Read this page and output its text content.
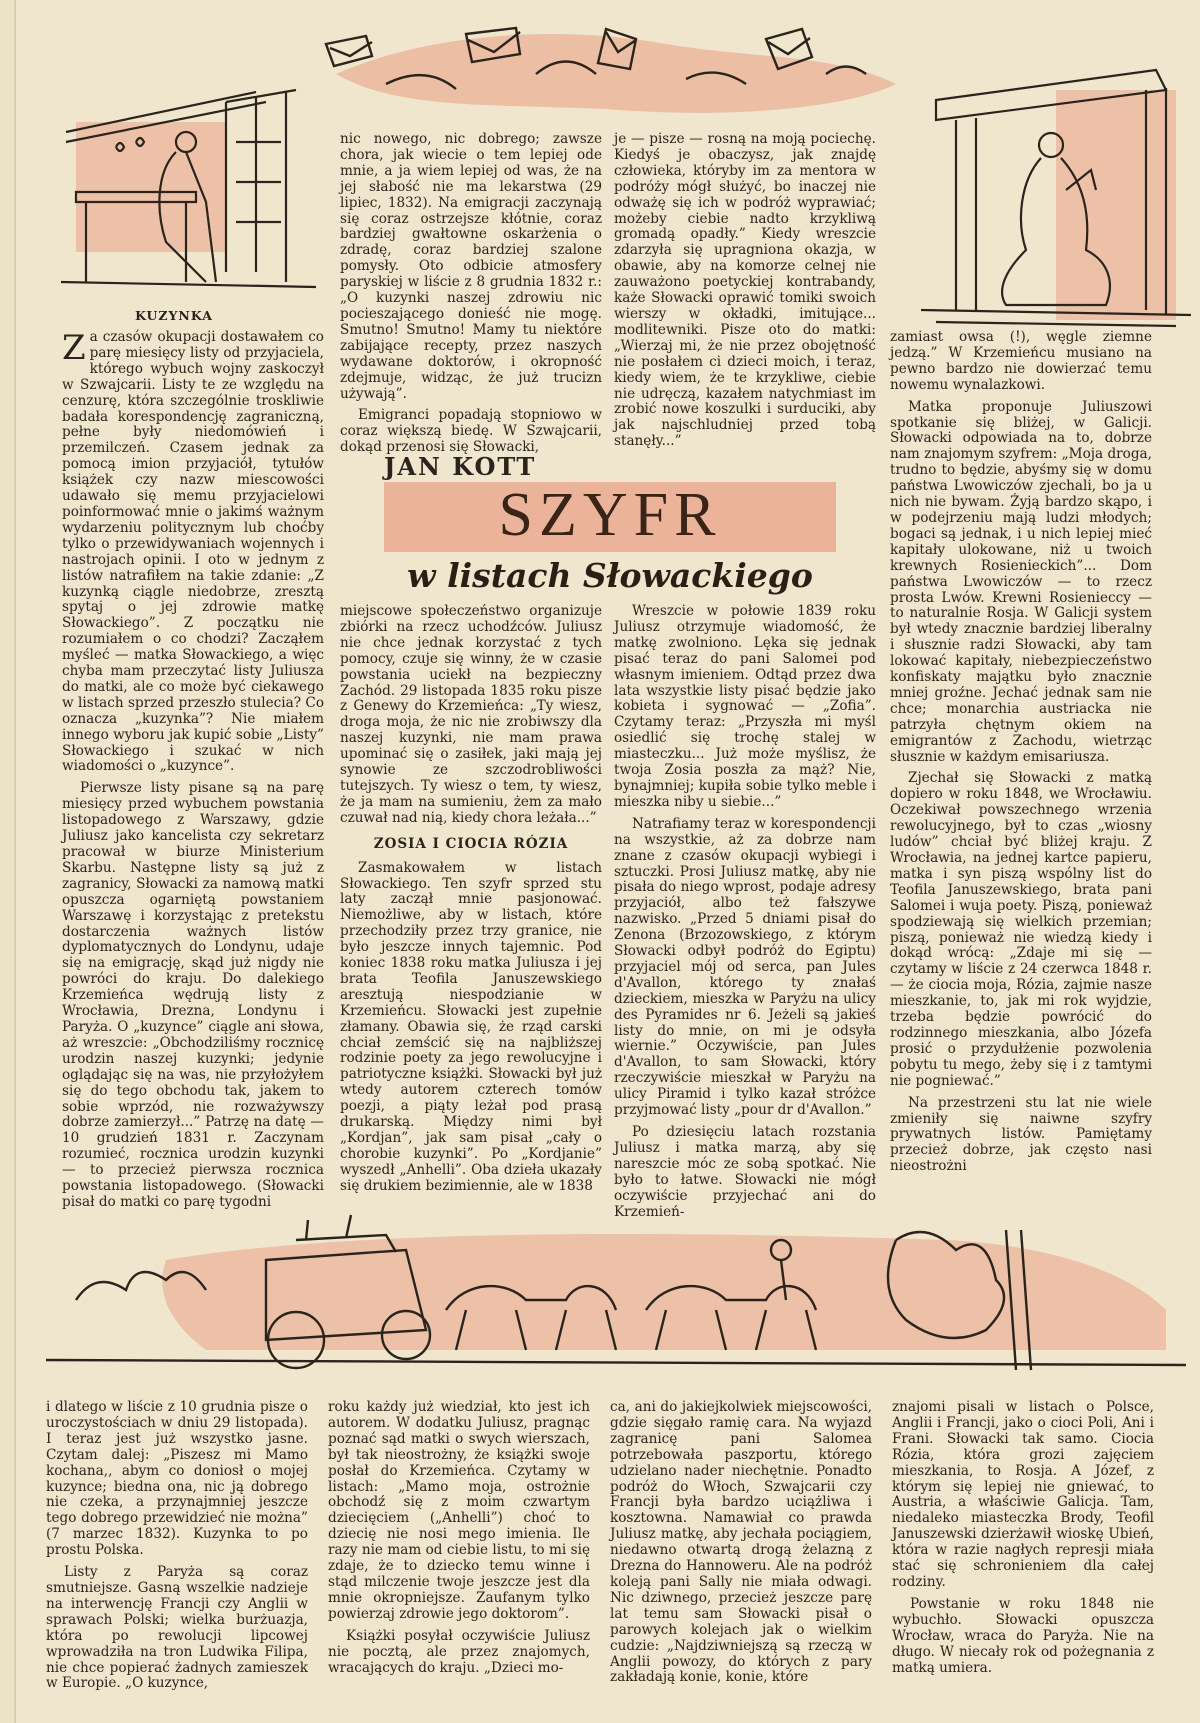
KUZYNKA

Za czasów okupacji dostawałem co parę miesięcy listy od przyjaciela, którego wybuch wojny zaskoczył w Szwajcarii. Listy te ze względu na cenzurę, która szczególnie troskliwie badała korespondencję zagraniczną, pełne były niedomówień i przemilczeń. Czasem jednak za pomocą imion przyjaciół, tytułów książek czy nazw miescowości udawało się memu przyjacielowi poinformować mnie o jakimś ważnym wydarzeniu politycznym lub choćby tylko o przewidywaniach wojennych i nastrojach opinii. I oto w jednym z listów natrafiłem na takie zdanie: „Z kuzynką ciągle niedobrze, zresztą spytaj o jej zdrowie matkę Słowackiego”. Z początku nie rozumiałem o co chodzi? Zacząłem myśleć — matka Słowackiego, a więc chyba mam przeczytać listy Juliusza do matki, ale co może być ciekawego w listach sprzed przeszło stulecia? Co oznacza „kuzynka”? Nie miałem innego wyboru jak kupić sobie „Listy” Słowackiego i szukać w nich wiadomości o „kuzynce”.

Pierwsze listy pisane są na parę miesięcy przed wybuchem powstania listopadowego z Warszawy, gdzie Juliusz jako kancelista czy sekretarz pracował w biurze Ministerium Skarbu. Następne listy są już z zagranicy, Słowacki za namową matki opuszcza ogarniętą powstaniem Warszawę i korzystając z pretekstu dostarczenia ważnych listów dyplomatycznych do Londynu, udaje się na emigrację, skąd już nigdy nie powróci do kraju. Do dalekiego Krzemieńca wędrują listy z Wrocławia, Drezna, Londynu i Paryża. O „kuzynce” ciągle ani słowa, aż wreszcie: „Obchodziliśmy rocznicę urodzin naszej kuzynki; jedynie oglądając się na was, nie przyłożyłem się do tego obchodu tak, jakem to sobie wprzód, nie rozważywszy dobrze zamierzył...” Patrzę na datę — 10 grudzień 1831 r. Zaczynam rozumieć, rocznica urodzin kuzynki — to przecież pierwsza rocznica powstania listopadowego. (Słowacki pisał do matki co parę tygodni

nic nowego, nic dobrego; zawsze chora, jak wiecie o tem lepiej ode mnie, a ja wiem lepiej od was, że na jej słabość nie ma lekarstwa (29 lipiec, 1832). Na emigracji zaczynają się coraz ostrzejsze kłótnie, coraz bardziej gwałtowne oskarżenia o zdradę, coraz bardziej szalone pomysły. Oto odbicie atmosfery paryskiej w liście z 8 grudnia 1832 r.: „O kuzynki naszej zdrowiu nic pocieszającego donieść nie mogę. Smutno! Smutno! Mamy tu niektóre zabijające recepty, przez naszych wydawane doktorów, i okropność zdejmuje, widząc, że już trucizn używają”.

Emigranci popadają stopniowo w coraz większą biedę. W Szwajcarii, dokąd przenosi się Słowacki,

je — pisze — rosną na moją pociechę. Kiedyś je obaczysz, jak znajdę człowieka, któryby im za mentora w podróży mógł służyć, bo inaczej nie odważę się ich w podróż wyprawiać; możeby ciebie nadto krzykliwą gromadą opadły.” Kiedy wreszcie zdarzyła się upragniona okazja, w obawie, aby na komorze celnej nie zauważono poetyckiej kontrabandy, każe Słowacki oprawić tomiki swoich wierszy w okładki, imitujące... modlitewniki. Pisze oto do matki: „Wierzaj mi, że nie przez obojętność nie posłałem ci dzieci moich, i teraz, kiedy wiem, że te krzykliwe, ciebie nie udręczą, kazałem natychmiast im zrobić nowe koszulki i surduciki, aby jak najschludniej przed tobą stanęły...”

JAN KOTT
SZYFR
w listach Słowackiego

miejscowe społeczeństwo organizuje zbiórki na rzecz uchodźców. Juliusz nie chce jednak korzystać z tych pomocy, czuje się winny, że w czasie powstania uciekł na bezpieczny Zachód. 29 listopada 1835 roku pisze z Genewy do Krzemieńca: „Ty wiesz, droga moja, że nic nie zrobiwszy dla naszej kuzynki, nie mam prawa upominać się o zasiłek, jaki mają jej synowie ze szczodrobliwości tutejszych. Ty wiesz o tem, ty wiesz, że ja mam na sumieniu, żem za mało czuwał nad nią, kiedy chora leżała...”

ZOSIA I CIOCIA RÓZIA

Zasmakowałem w listach Słowackiego. Ten szyfr sprzed stu laty zaczął mnie pasjonować. Niemożliwe, aby w listach, które przechodziły przez trzy granice, nie było jeszcze innych tajemnic. Pod koniec 1838 roku matka Juliusza i jej brata Teofila Januszewskiego aresztują niespodzianie w Krzemieńcu. Słowacki jest zupełnie złamany. Obawia się, że rząd carski chciał zemścić się na najbliższej rodzinie poety za jego rewolucyjne i patriotyczne książki. Słowacki był już wtedy autorem czterech tomów poezji, a piąty leżał pod prasą drukarską. Między nimi był „Kordjan”, jak sam pisał „cały o chorobie kuzynki”. Po „Kordjanie” wyszedł „Anhelli”. Oba dzieła ukazały się drukiem bezimiennie, ale w 1838

Wreszcie w połowie 1839 roku Juliusz otrzymuje wiadomość, że matkę zwolniono. Lęka się jednak pisać teraz do pani Salomei pod własnym imieniem. Odtąd przez dwa lata wszystkie listy pisać będzie jako kobieta i sygnować — „Zofia”. Czytamy teraz: „Przyszła mi myśl osiedlić się trochę stalej w miasteczku... Już może myślisz, że twoja Zosia poszła za mąż? Nie, bynajmniej; kupiła sobie tylko meble i mieszka niby u siebie...”

Natrafiamy teraz w korespondencji na wszystkie, aż za dobrze nam znane z czasów okupacji wybiegi i sztuczki. Prosi Juliusz matkę, aby nie pisała do niego wprost, podaje adresy przyjaciół, albo też fałszywe nazwisko. „Przed 5 dniami pisał do Zenona (Brzozowskiego, z którym Słowacki odbył podróż do Egiptu) przyjaciel mój od serca, pan Jules d'Avallon, którego ty znałaś dzieckiem, mieszka w Paryżu na ulicy des Pyramides nr 6. Jeżeli są jakieś listy do mnie, on mi je odsyła wiernie.” Oczywiście, pan Jules d'Avallon, to sam Słowacki, który rzeczywiście mieszkał w Paryżu na ulicy Piramid i tylko kazał stróżce przyjmować listy „pour dr d'Avallon.”

Po dziesięciu latach rozstania Juliusz i matka marzą, aby się nareszcie móc ze sobą spotkać. Nie było to łatwe. Słowacki nie mógł oczywiście przyjechać ani do Krzemień-

zamiast owsa (!), węgle ziemne jedzą.” W Krzemieńcu musiano na pewno bardzo nie dowierzać temu nowemu wynalazkowi.

Matka proponuje Juliuszowi spotkanie się bliżej, w Galicji. Słowacki odpowiada na to, dobrze nam znajomym szyfrem: „Moja droga, trudno to będzie, abyśmy się w domu państwa Lwowiczów zjechali, bo ja u nich nie bywam. Żyją bardzo skąpo, i w podejrzeniu mają ludzi młodych; bogaci są jednak, i u nich lepiej mieć kapitały ulokowane, niż u twoich krewnych Rosienieckich”... Dom państwa Lwowiczów — to rzecz prosta Lwów. Krewni Rosienieccy — to naturalnie Rosja. W Galicji system był wtedy znacznie bardziej liberalny i słusznie radzi Słowacki, aby tam lokować kapitały, niebezpieczeństwo konfiskaty majątku było znacznie mniej groźne. Jechać jednak sam nie chce; monarchia austriacka nie patrzyła chętnym okiem na emigrantów z Zachodu, wietrząc słusznie w każdym emisariusza.

Zjechał się Słowacki z matką dopiero w roku 1848, we Wrocławiu. Oczekiwał powszechnego wrzenia rewolucyjnego, był to czas „wiosny ludów” chciał być bliżej kraju. Z Wrocławia, na jednej kartce papieru, matka i syn piszą wspólny list do Teofila Januszewskiego, brata pani Salomei i wuja poety. Piszą, ponieważ spodziewają się wielkich przemian; piszą, ponieważ nie wiedzą kiedy i dokąd wrócą: „Zdaje mi się — czytamy w liście z 24 czerwca 1848 r. — że ciocia moja, Rózia, zajmie nasze mieszkanie, to, jak mi rok wyjdzie, trzeba będzie powrócić do rodzinnego mieszkania, albo Józefa prosić o przydułżenie pozwolenia pobytu tu mego, żeby się i z tamtymi nie pogniewać.”

Na przestrzeni stu lat nie wiele zmieniły się naiwne szyfry prywatnych listów. Pamiętamy przecież dobrze, jak często nasi nieostrożni

i dlatego w liście z 10 grudnia pisze o uroczystościach w dniu 29 listopada). I teraz jest już wszystko jasne. Czytam dalej: „Piszesz mi Mamo kochana,, abym co doniosł o mojej kuzynce; biedna ona, nic ją dobrego nie czeka, a przynajmniej jeszcze tego dobrego przewidzieć nie można” (7 marzec 1832). Kuzynka to po prostu Polska.

Listy z Paryża są coraz smutniejsze. Gasną wszelkie nadzieje na interwencję Francji czy Anglii w sprawach Polski; wielka burżuazja, która po rewolucji lipcowej wprowadziła na tron Ludwika Filipa, nie chce popierać żadnych zamieszek w Europie. „O kuzynce,

roku każdy już wiedział, kto jest ich autorem. W dodatku Juliusz, pragnąc poznać sąd matki o swych wierszach, był tak nieostrożny, że książki swoje posłał do Krzemieńca. Czytamy w listach: „Mamo moja, ostrożnie obchodź się z moim czwartym dziecięciem („Anhelli”) choć to dziecię nie nosi mego imienia. Ile razy nie mam od ciebie listu, to mi się zdaje, że to dziecko temu winne i stąd milczenie twoje jeszcze jest dla mnie okropniejsze. Zaufanym tylko powierzaj zdrowie jego doktorom”.

Książki posyłał oczywiście Juliusz nie pocztą, ale przez znajomych, wracających do kraju. „Dzieci mo-

ca, ani do jakiejkolwiek miejscowości, gdzie sięgało ramię cara. Na wyjazd zagranicę pani Salomea potrzebowała paszportu, którego udzielano nader niechętnie. Ponadto podróż do Włoch, Szwajcarii czy Francji była bardzo uciążliwa i kosztowna. Namawiał co prawda Juliusz matkę, aby jechała pociągiem, niedawno otwartą drogą żelazną z Drezna do Hannoweru. Ale na podróż koleją pani Sally nie miała odwagi. Nic dziwnego, przecież jeszcze parę lat temu sam Słowacki pisał o parowych kolejach jak o wielkim cudzie: „Najdziwniejszą są rzeczą w Anglii powozy, do których z pary zakładają konie, konie, które

znajomi pisali w listach o Polsce, Anglii i Francji, jako o cioci Poli, Ani i Frani. Słowacki tak samo. Ciocia Rózia, która grozi zajęciem mieszkania, to Rosja. A Józef, z którym się lepiej nie gniewać, to Austria, a właściwie Galicja. Tam, niedaleko miasteczka Brody, Teofil Januszewski dzierżawił wioskę Ubień, która w razie nagłych represji miała stać się schronieniem dla całej rodziny.

Powstanie w roku 1848 nie wybuchło. Słowacki opuszcza Wrocław, wraca do Paryża. Nie na długo. W niecały rok od pożegnania z matką umiera.
